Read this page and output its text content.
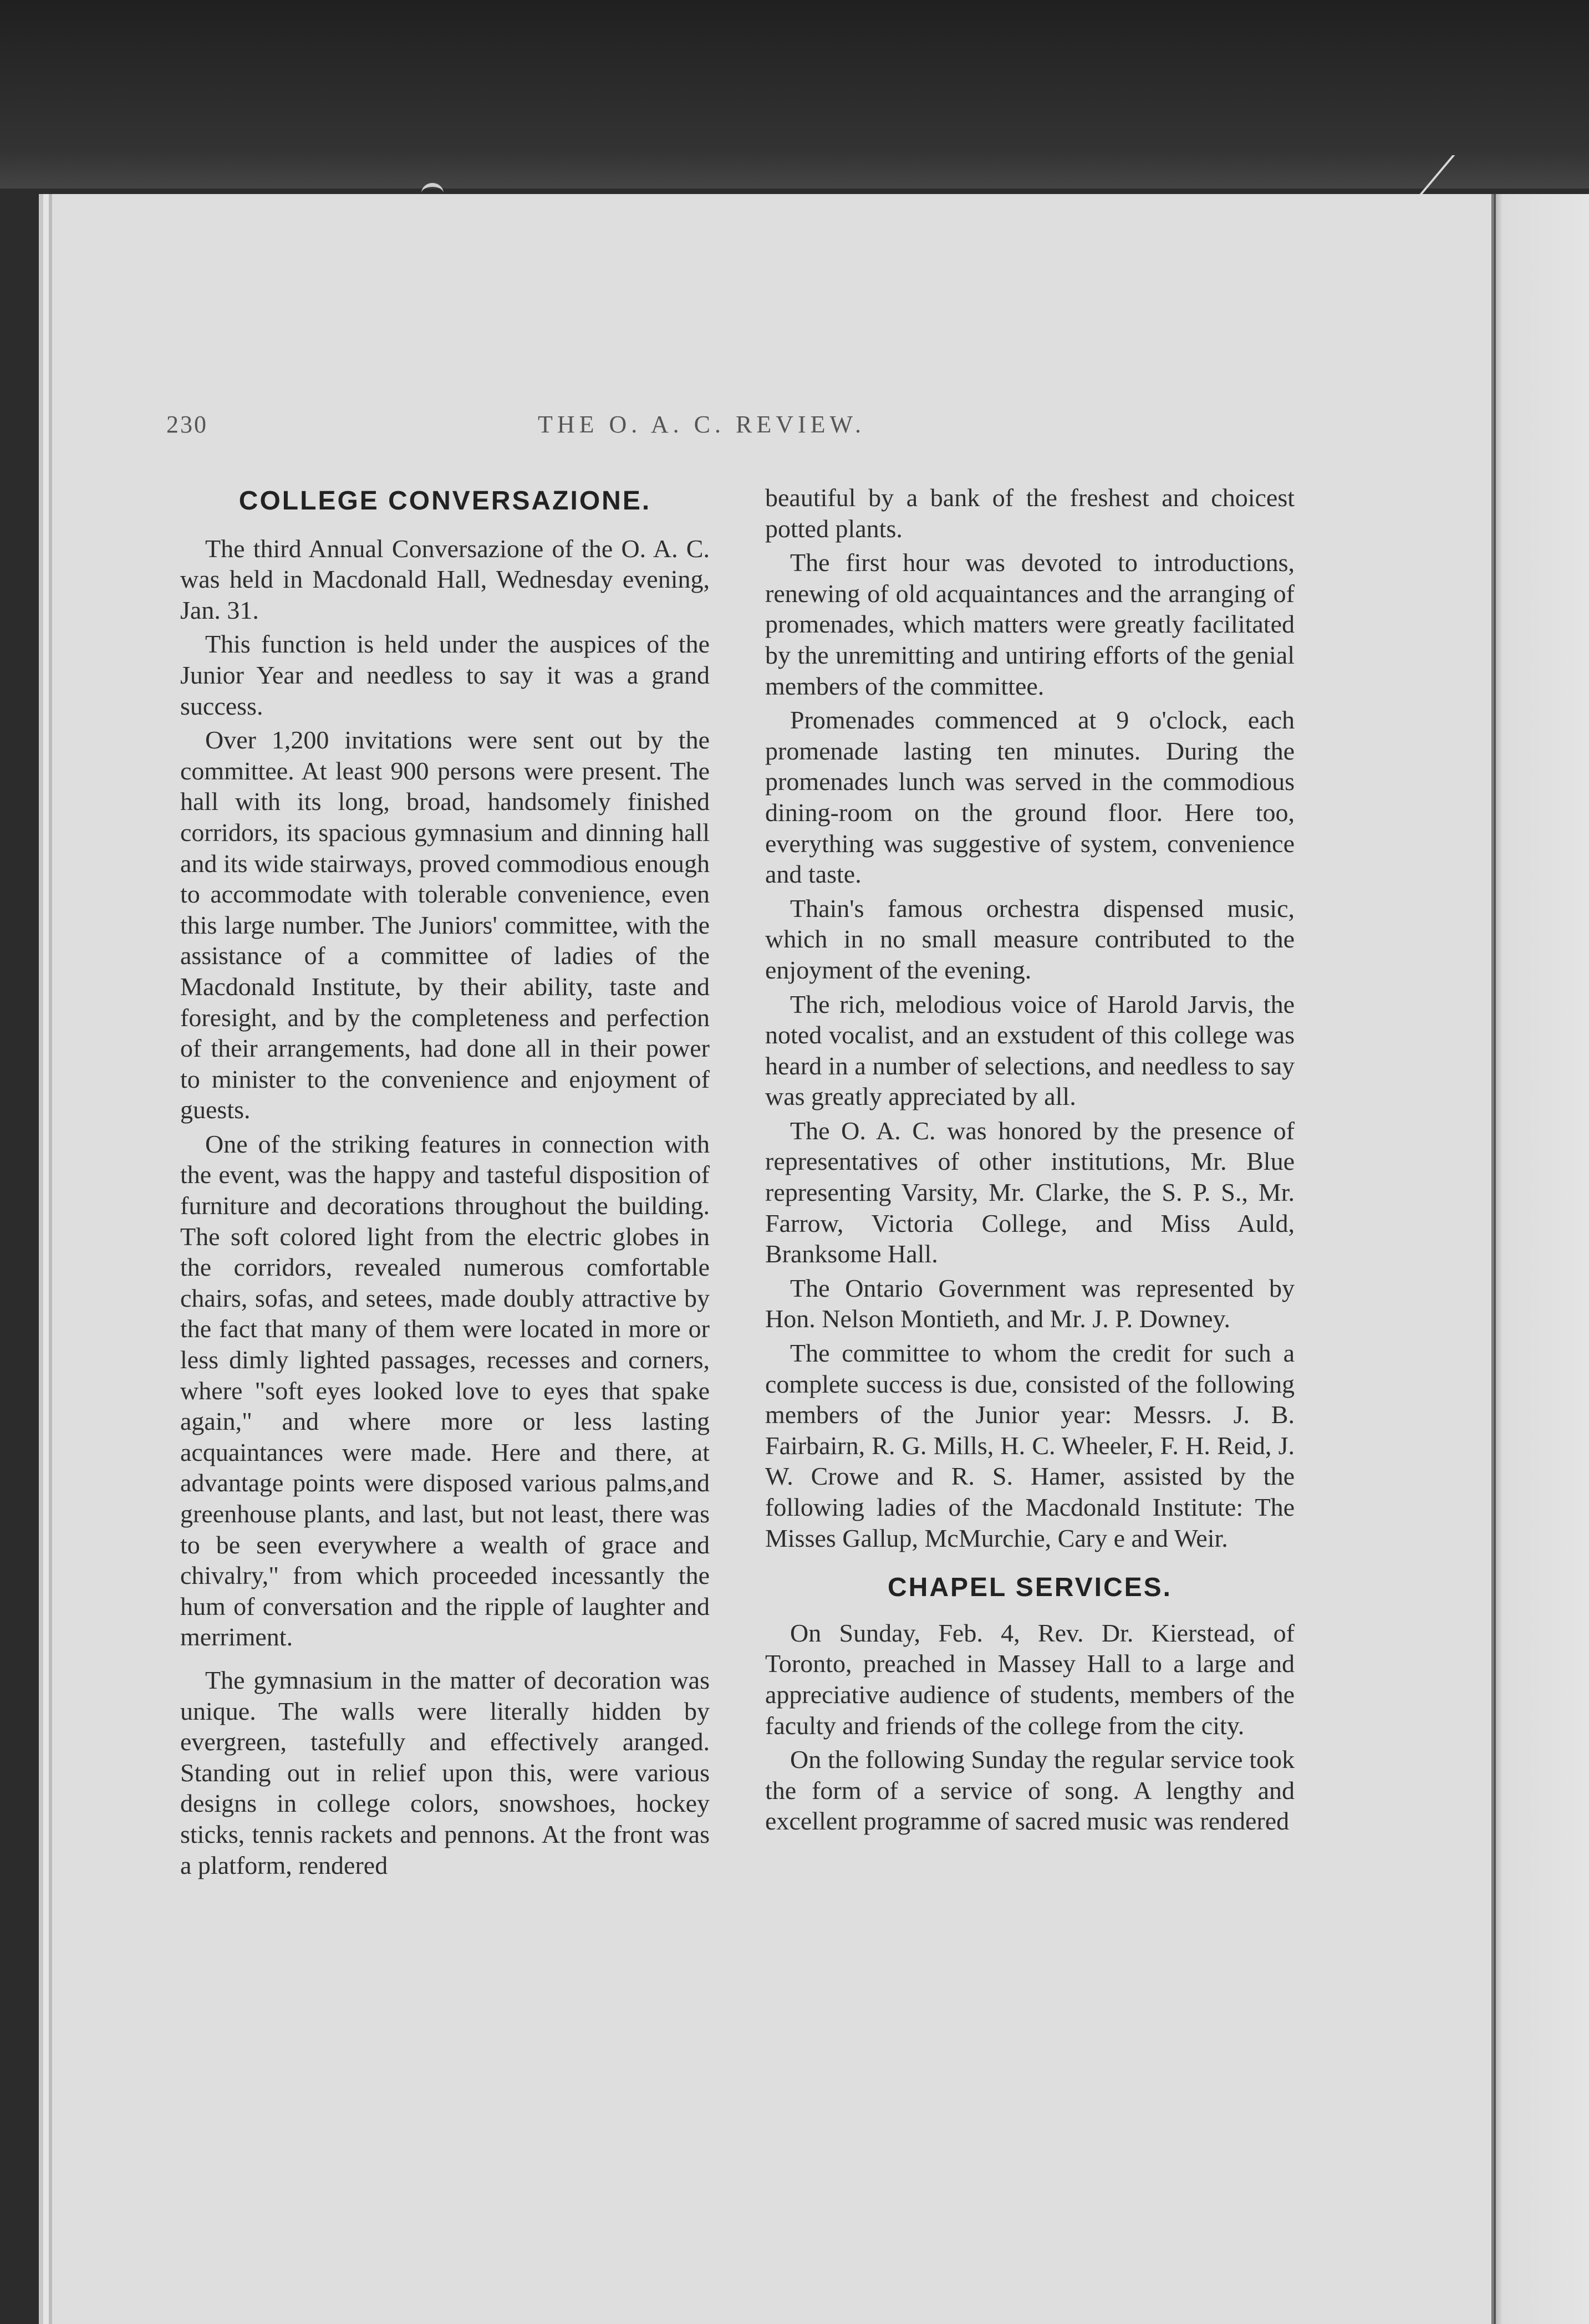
230	THE O. A. C. REVIEW.
COLLEGE CONVERSAZIONE.

The third Annual Conversazione of the O. A. C. was held in Macdonald Hall, Wednesday evening, Jan. 31.

This function is held under the auspices of the Junior Year and needless to say it was a grand success.

Over 1,200 invitations were sent out by the committee. At least 900 persons were present. The hall with its long, broad, handsomely finished corridors, its spacious gymnasium and dinning hall and its wide stairways, proved commodious enough to accommodate with tolerable convenience, even this large number. The Juniors' committee, with the assistance of a committee of ladies of the Macdonald Institute, by their ability, taste and foresight, and by the completeness and perfection of their arrangements, had done all in their power to minister to the convenience and enjoyment of guests.

One of the striking features in connection with the event, was the happy and tasteful disposition of furniture and decorations throughout the building. The soft colored light from the electric globes in the corridors, revealed numerous comfortable chairs, sofas, and setees, made doubly attractive by the fact that many of them were located in more or less dimly lighted passages, recesses and corners, where "soft eyes looked love to eyes that spake again," and where more or less lasting acquaintances were made. Here and there, at advantage points were disposed various palms,and greenhouse plants, and last, but not least, there was to be seen everywhere a wealth of grace and chivalry," from which proceeded incessantly the hum of conversation and the ripple of laughter and merriment.

The gymnasium in the matter of decoration was unique. The walls were literally hidden by evergreen, tastefully and effectively aranged. Standing out in relief upon this, were various designs in college colors, snowshoes, hockey sticks, tennis rackets and pennons. At the front was a platform, rendered

beautiful by a bank of the freshest and choicest potted plants.

The first hour was devoted to introductions, renewing of old acquaintances and the arranging of promenades, which matters were greatly facilitated by the unremitting and untiring efforts of the genial members of the committee.

Promenades commenced at 9 o'clock, each promenade lasting ten minutes. During the promenades lunch was served in the commodious dining-room on the ground floor. Here too, everything was suggestive of system, convenience and taste.

Thain's famous orchestra dispensed music, which in no small measure contributed to the enjoyment of the evening.

The rich, melodious voice of Harold Jarvis, the noted vocalist, and an exstudent of this college was heard in a number of selections, and needless to say was greatly appreciated by all.

The O. A. C. was honored by the presence of representatives of other institutions, Mr. Blue representing Varsity, Mr. Clarke, the S. P. S., Mr. Farrow, Victoria College, and Miss Auld, Branksome Hall.

The Ontario Government was represented by Hon. Nelson Montieth, and Mr. J. P. Downey.

The committee to whom the credit for such a complete success is due, consisted of the following members of the Junior year: Messrs. J. B. Fairbairn, R. G. Mills, H. C. Wheeler, F. H. Reid, J. W. Crowe and R. S. Hamer, assisted by the following ladies of the Macdonald Institute: The Misses Gallup, McMurchie, Cary e and Weir.

CHAPEL SERVICES.

On Sunday, Feb. 4, Rev. Dr. Kierstead, of Toronto, preached in Massey Hall to a large and appreciative audience of students, members of the faculty and friends of the college from the city.

On the following Sunday the regular service took the form of a service of song. A lengthy and excellent programme of sacred music was rendered
